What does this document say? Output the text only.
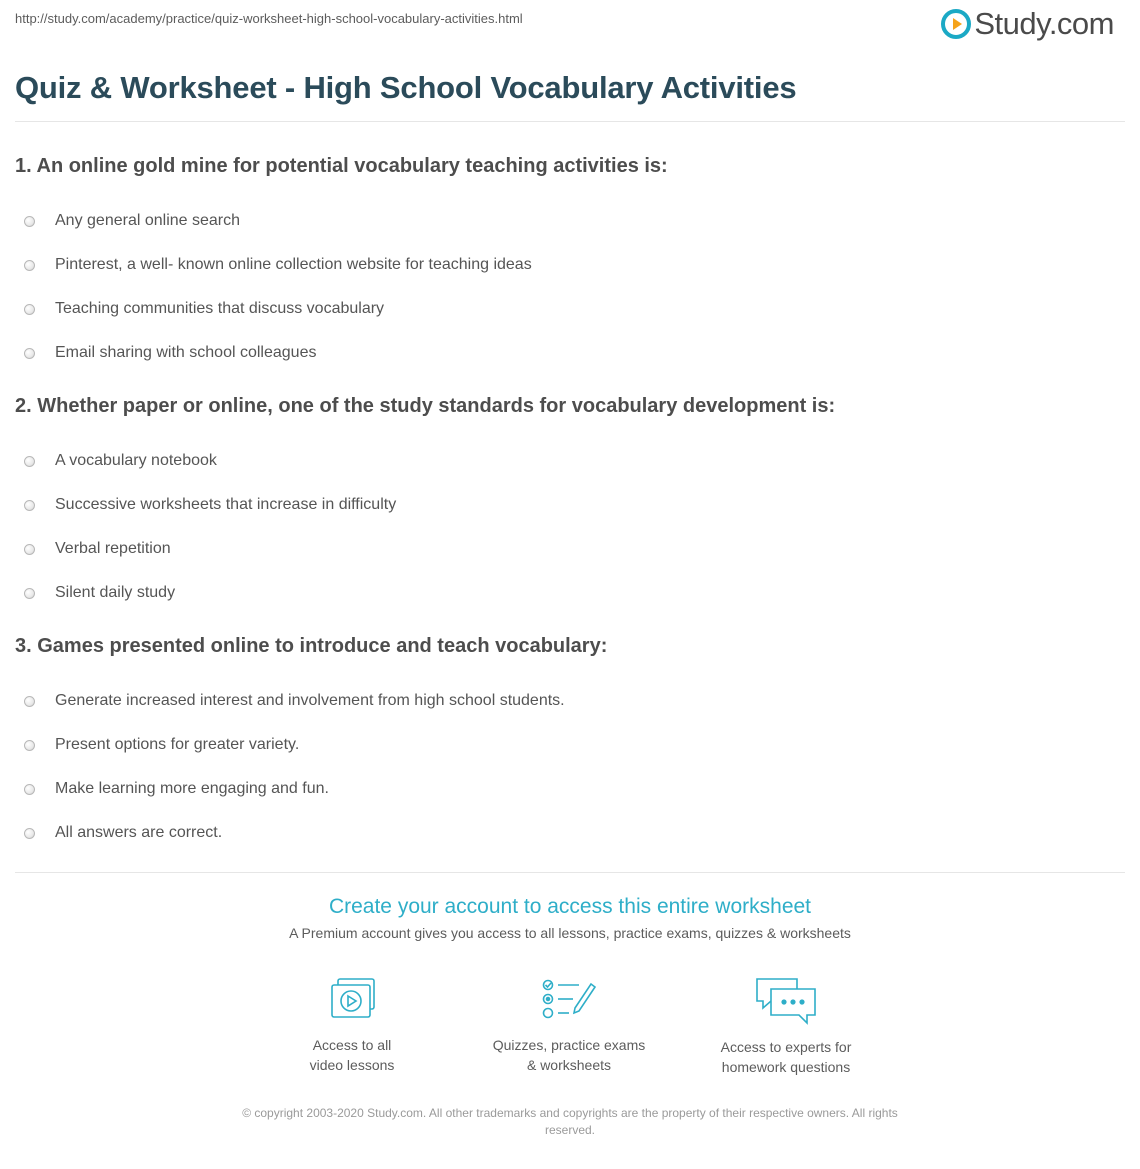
http://study.com/academy/practice/quiz-worksheet-high-school-vocabulary-activities.html	Study.com
Quiz & Worksheet - High School Vocabulary Activities

1. An online gold mine for potential vocabulary teaching activities is:

Any general online search
Pinterest, a well- known online collection website for teaching ideas
Teaching communities that discuss vocabulary
Email sharing with school colleagues

2. Whether paper or online, one of the study standards for vocabulary development is:

A vocabulary notebook
Successive worksheets that increase in difficulty
Verbal repetition
Silent daily study

3. Games presented online to introduce and teach vocabulary:

Generate increased interest and involvement from high school students.
Present options for greater variety.
Make learning more engaging and fun.
All answers are correct.
Create your account to access this entire worksheet
A Premium account gives you access to all lessons, practice exams, quizzes & worksheets
Access to all
video lessons
Quizzes, practice exams
& worksheets
Access to experts for
homework questions
© copyright 2003-2020 Study.com. All other trademarks and copyrights are the property of their respective owners. All rights
reserved.
